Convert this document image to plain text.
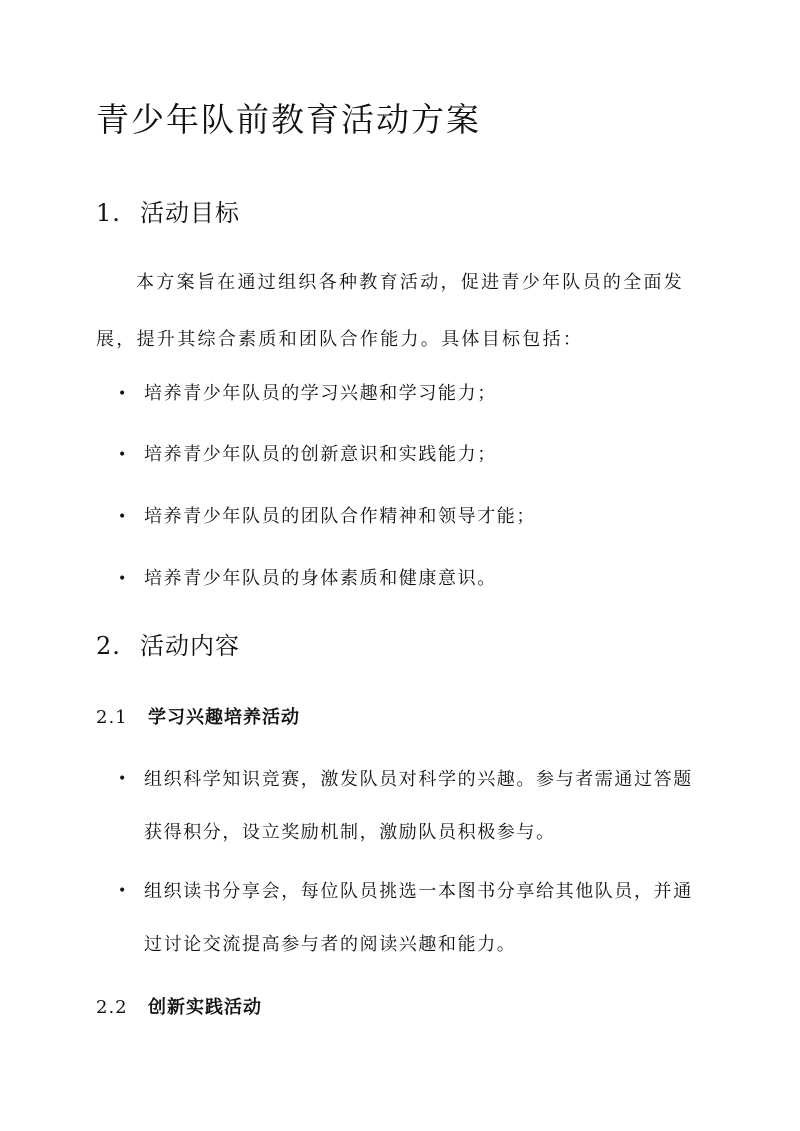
青少年队前教育活动方案
1. 活动目标
本方案旨在通过组织各种教育活动，促进青少年队员的全面发展，提升其综合素质和团队合作能力。具体目标包括：
• 培养青少年队员的学习兴趣和学习能力；
• 培养青少年队员的创新意识和实践能力；
• 培养青少年队员的团队合作精神和领导才能；
• 培养青少年队员的身体素质和健康意识。
2. 活动内容
2.1 学习兴趣培养活动
• 组织科学知识竞赛，激发队员对科学的兴趣。参与者需通过答题获得积分，设立奖励机制，激励队员积极参与。
• 组织读书分享会，每位队员挑选一本图书分享给其他队员，并通过讨论交流提高参与者的阅读兴趣和能力。
2.2 创新实践活动
